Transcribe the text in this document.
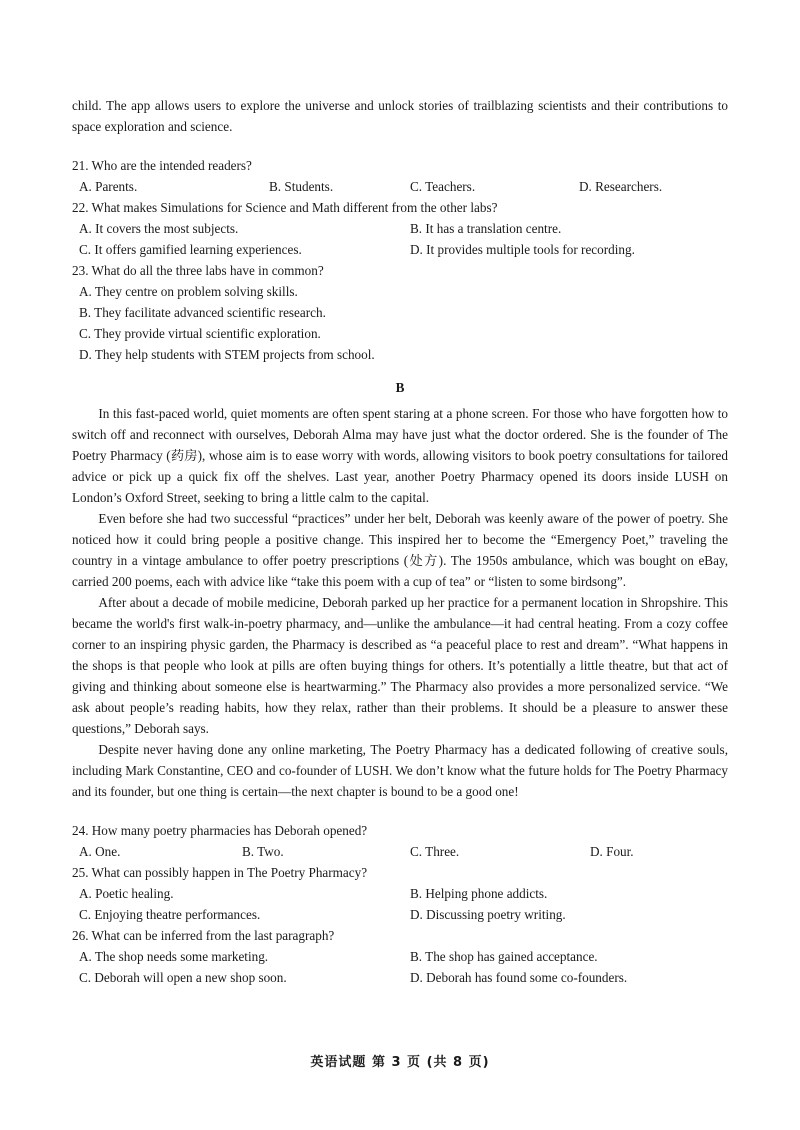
child. The app allows users to explore the universe and unlock stories of trailblazing scientists and their contributions to space exploration and science.

21. Who are the intended readers?

A. Parents.	B. Students.	C. Teachers.	D. Researchers.

22. What makes Simulations for Science and Math different from the other labs?

A. It covers the most subjects.	B. It has a translation centre.
C. It offers gamified learning experiences.	D. It provides multiple tools for recording.

23. What do all the three labs have in common?

A. They centre on problem solving skills.

B. They facilitate advanced scientific research.

C. They provide virtual scientific exploration.

D. They help students with STEM projects from school.

B

In this fast-paced world, quiet moments are often spent staring at a phone screen. For those who have forgotten how to switch off and reconnect with ourselves, Deborah Alma may have just what the doctor ordered. She is the founder of The Poetry Pharmacy (药房), whose aim is to ease worry with words, allowing visitors to book poetry consultations for tailored advice or pick up a quick fix off the shelves. Last year, another Poetry Pharmacy opened its doors inside LUSH on London’s Oxford Street, seeking to bring a little calm to the capital.

Even before she had two successful “practices” under her belt, Deborah was keenly aware of the power of poetry. She noticed how it could bring people a positive change. This inspired her to become the “Emergency Poet,” traveling the country in a vintage ambulance to offer poetry prescriptions (处方). The 1950s ambulance, which was bought on eBay, carried 200 poems, each with advice like “take this poem with a cup of tea” or “listen to some birdsong”.

After about a decade of mobile medicine, Deborah parked up her practice for a permanent location in Shropshire. This became the world's first walk-in-poetry pharmacy, and—unlike the ambulance—it had central heating. From a cozy coffee corner to an inspiring physic garden, the Pharmacy is described as “a peaceful place to rest and dream”. “What happens in the shops is that people who look at pills are often buying things for others. It’s potentially a little theatre, but that act of giving and thinking about someone else is heartwarming.” The Pharmacy also provides a more personalized service. “We ask about people’s reading habits, how they relax, rather than their problems. It should be a pleasure to answer these questions,” Deborah says.

Despite never having done any online marketing, The Poetry Pharmacy has a dedicated following of creative souls, including Mark Constantine, CEO and co-founder of LUSH. We don’t know what the future holds for The Poetry Pharmacy and its founder, but one thing is certain—the next chapter is bound to be a good one!

24. How many poetry pharmacies has Deborah opened?

A. One.	B. Two.	C. Three.	D. Four.

25. What can possibly happen in The Poetry Pharmacy?

A. Poetic healing.	B. Helping phone addicts.
C. Enjoying theatre performances.	D. Discussing poetry writing.

26. What can be inferred from the last paragraph?

A. The shop needs some marketing.	B. The shop has gained acceptance.
C. Deborah will open a new shop soon.	D. Deborah has found some co-founders.
英语试题 第 3 页 (共 8 页)
